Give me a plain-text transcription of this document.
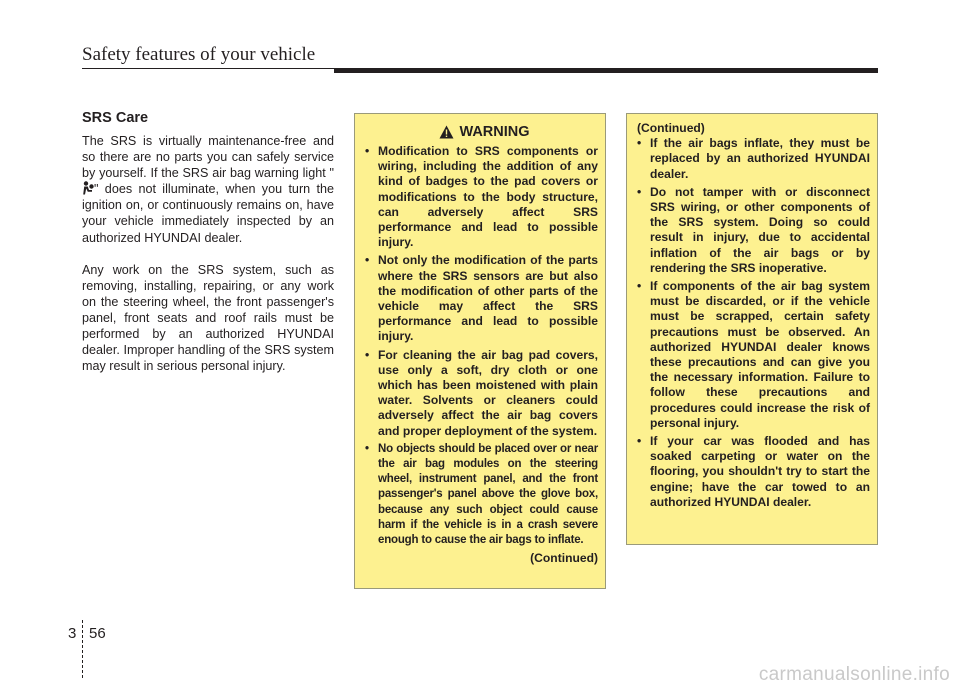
Safety features of your vehicle
SRS Care

The SRS is virtually maintenance-free and so there are no parts you can safely service by yourself. If the SRS air bag warning light "" does not illuminate, when you turn the ignition on, or continuously remains on, have your vehicle immediately inspected by an authorized HYUNDAI dealer.

Any work on the SRS system, such as removing, installing, repairing, or any work on the steering wheel, the front passenger's panel, front seats and roof rails must be performed by an authorized HYUNDAI dealer. Improper handling of the SRS system may result in serious personal injury.

WARNING
• Modification to SRS components or wiring, including the addition of any kind of badges to the pad covers or modifications to the body structure, can adversely affect SRS performance and lead to possible injury.
• Not only the modification of the parts where the SRS sensors are but also the modification of other parts of the vehicle may affect the SRS performance and lead to possible injury.
• For cleaning the air bag pad covers, use only a soft, dry cloth or one which has been moistened with plain water. Solvents or cleaners could adversely affect the air bag covers and proper deployment of the system.
• No objects should be placed over or near the air bag modules on the steering wheel, instrument panel, and the front passenger's panel above the glove box, because any such object could cause harm if the vehicle is in a crash severe enough to cause the air bags to inflate.
(Continued)
(Continued)
• If the air bags inflate, they must be replaced by an authorized HYUNDAI dealer.
• Do not tamper with or disconnect SRS wiring, or other components of the SRS system. Doing so could result in injury, due to accidental inflation of the air bags or by rendering the SRS inoperative.
• If components of the air bag system must be discarded, or if the vehicle must be scrapped, certain safety precautions must be observed. An authorized HYUNDAI dealer knows these precautions and can give you the necessary information. Failure to follow these precautions and procedures could increase the risk of personal injury.
• If your car was flooded and has soaked carpeting or water on the flooring, you shouldn't try to start the engine; have the car towed to an authorized HYUNDAI dealer.
3 56
carmanualsonline.info
